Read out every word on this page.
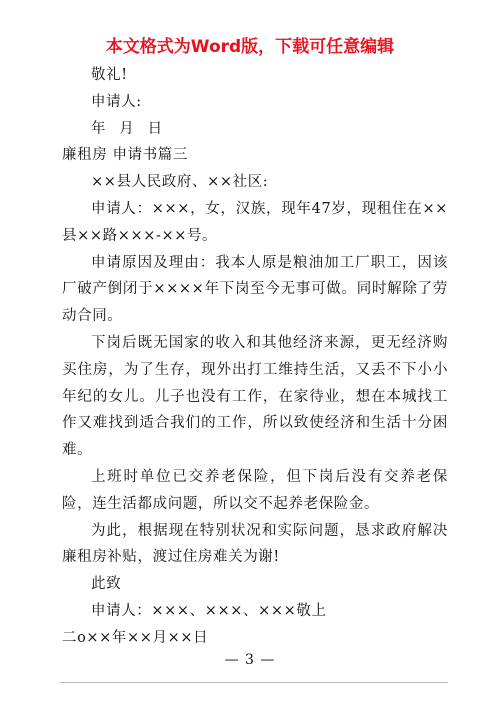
本文格式为Word版，下载可任意编辑

敬礼!

申请人:

年 月 日

廉租房 申请书篇三

××县人民政府、××社区:

申请人：×××，女，汉族，现年47岁，现租住在××县××路×××-××号。

申请原因及理由：我本人原是粮油加工厂职工，因该厂破产倒闭于××××年下岗至今无事可做。同时解除了劳动合同。

下岗后既无国家的收入和其他经济来源，更无经济购买住房，为了生存，现外出打工维持生活，又丢不下小小年纪的女儿。儿子也没有工作，在家待业，想在本城找工作又难找到适合我们的工作，所以致使经济和生活十分困难。

上班时单位已交养老保险，但下岗后没有交养老保险，连生活都成问题，所以交不起养老保险金。

为此，根据现在特别状况和实际问题，恳求政府解决廉租房补贴，渡过住房难关为谢!

此致

申请人：×××、×××、×××敬上

二o××年××月××日

— 3 —
